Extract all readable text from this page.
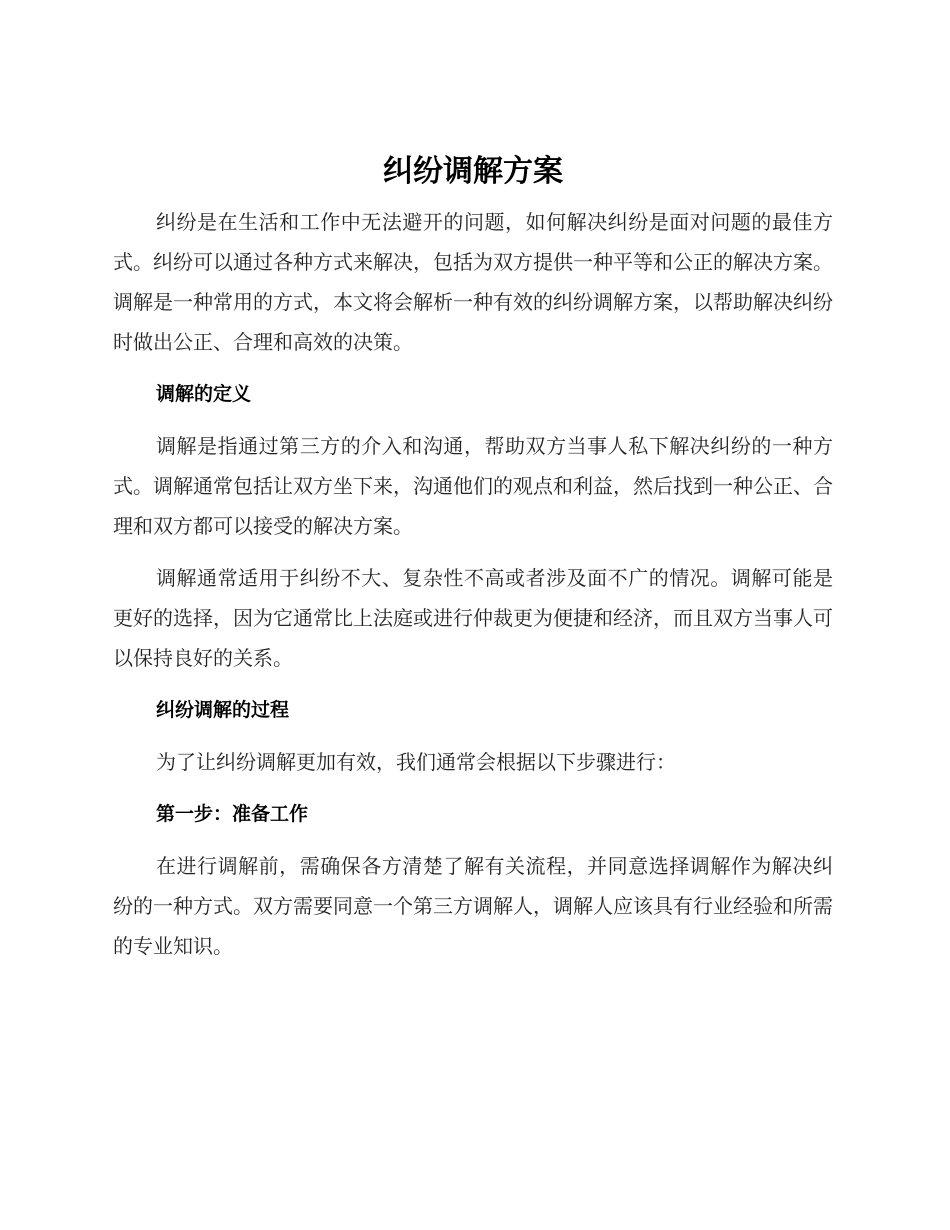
纠纷调解方案

纠纷是在生活和工作中无法避开的问题，如何解决纠纷是面对问题的最佳方式。纠纷可以通过各种方式来解决，包括为双方提供一种平等和公正的解决方案。调解是一种常用的方式，本文将会解析一种有效的纠纷调解方案，以帮助解决纠纷时做出公正、合理和高效的决策。

调解的定义

调解是指通过第三方的介入和沟通，帮助双方当事人私下解决纠纷的一种方式。调解通常包括让双方坐下来，沟通他们的观点和利益，然后找到一种公正、合理和双方都可以接受的解决方案。

调解通常适用于纠纷不大、复杂性不高或者涉及面不广的情况。调解可能是更好的选择，因为它通常比上法庭或进行仲裁更为便捷和经济，而且双方当事人可以保持良好的关系。

纠纷调解的过程

为了让纠纷调解更加有效，我们通常会根据以下步骤进行：

第一步：准备工作

在进行调解前，需确保各方清楚了解有关流程，并同意选择调解作为解决纠纷的一种方式。双方需要同意一个第三方调解人，调解人应该具有行业经验和所需的专业知识。
